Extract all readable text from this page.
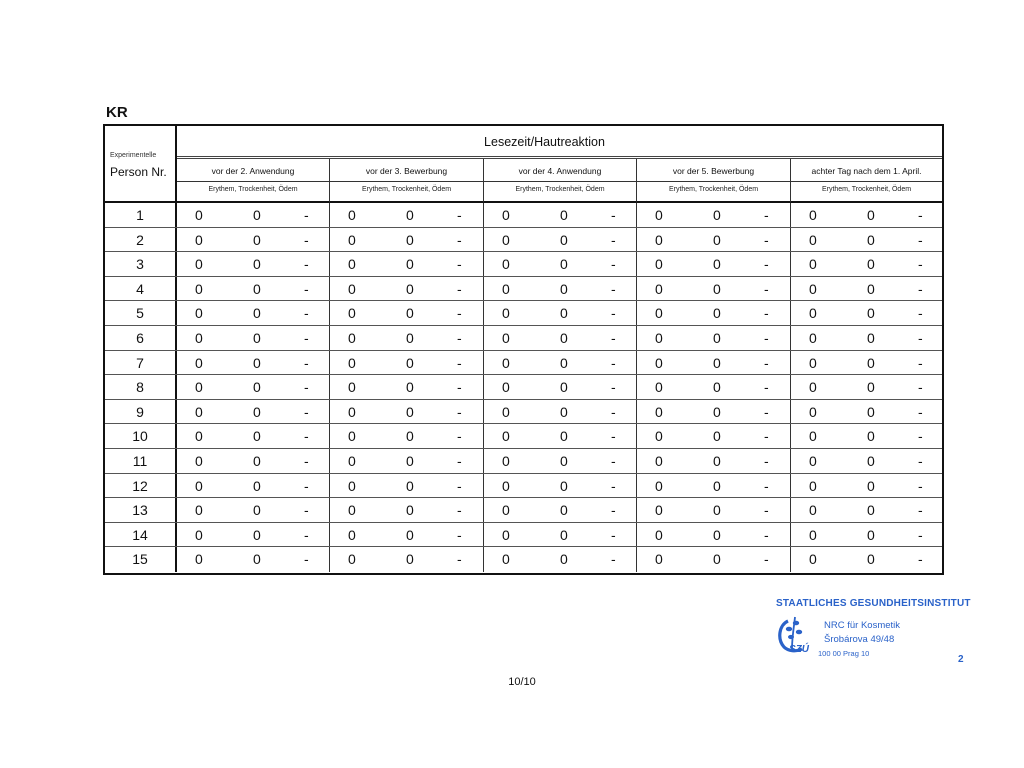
KR
Experimentelle
Person Nr.
Lesezeit/Hautreaktion
vor der 2. Anwendung
Erythem, Trockenheit, Ödem
vor der 3. Bewerbung
Erythem, Trockenheit, Ödem
vor der 4. Anwendung
Erythem, Trockenheit, Ödem
vor der 5. Bewerbung
Erythem, Trockenheit, Ödem
achter Tag nach dem 1. April.
Erythem, Trockenheit, Ödem
1	0	0	-	0	0	-	0	0	-	0	0	-	0	0	-
2	0	0	-	0	0	-	0	0	-	0	0	-	0	0	-
3	0	0	-	0	0	-	0	0	-	0	0	-	0	0	-
4	0	0	-	0	0	-	0	0	-	0	0	-	0	0	-
5	0	0	-	0	0	-	0	0	-	0	0	-	0	0	-
6	0	0	-	0	0	-	0	0	-	0	0	-	0	0	-
7	0	0	-	0	0	-	0	0	-	0	0	-	0	0	-
8	0	0	-	0	0	-	0	0	-	0	0	-	0	0	-
9	0	0	-	0	0	-	0	0	-	0	0	-	0	0	-
10	0	0	-	0	0	-	0	0	-	0	0	-	0	0	-
11	0	0	-	0	0	-	0	0	-	0	0	-	0	0	-
12	0	0	-	0	0	-	0	0	-	0	0	-	0	0	-
13	0	0	-	0	0	-	0	0	-	0	0	-	0	0	-
14	0	0	-	0	0	-	0	0	-	0	0	-	0	0	-
15	0	0	-	0	0	-	0	0	-	0	0	-	0	0	-
STAATLICHES GESUNDHEITSINSTITUT
SZÚ
NRC für Kosmetik
Šrobárova 49/48
100 00 Prag 10
2
10/10
